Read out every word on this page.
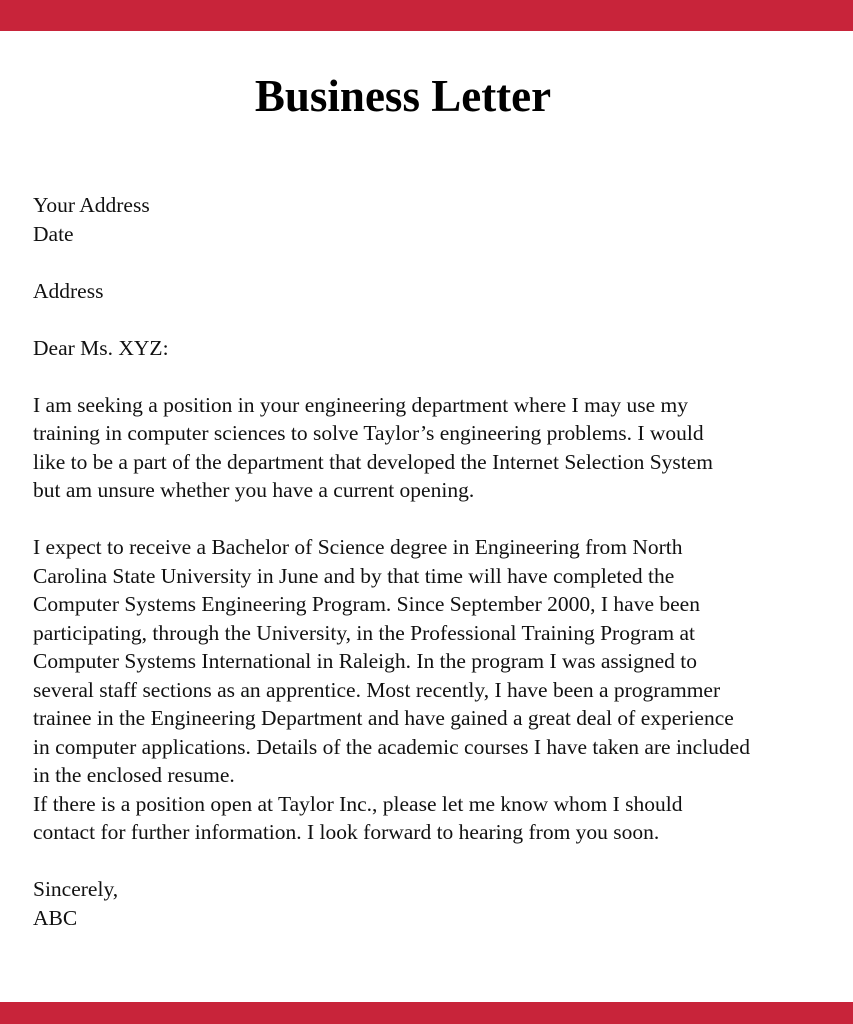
Business Letter
Your Address
Date
Address
Dear Ms. XYZ:
I am seeking a position in your engineering department where I may use my
training in computer sciences to solve Taylor’s engineering problems. I would
like to be a part of the department that developed the Internet Selection System
but am unsure whether you have a current opening.
I expect to receive a Bachelor of Science degree in Engineering from North
Carolina State University in June and by that time will have completed the
Computer Systems Engineering Program. Since September 2000, I have been
participating, through the University, in the Professional Training Program at
Computer Systems International in Raleigh. In the program I was assigned to
several staff sections as an apprentice. Most recently, I have been a programmer
trainee in the Engineering Department and have gained a great deal of experience
in computer applications. Details of the academic courses I have taken are included
in the enclosed resume.
If there is a position open at Taylor Inc., please let me know whom I should
contact for further information. I look forward to hearing from you soon.
Sincerely,
ABC
